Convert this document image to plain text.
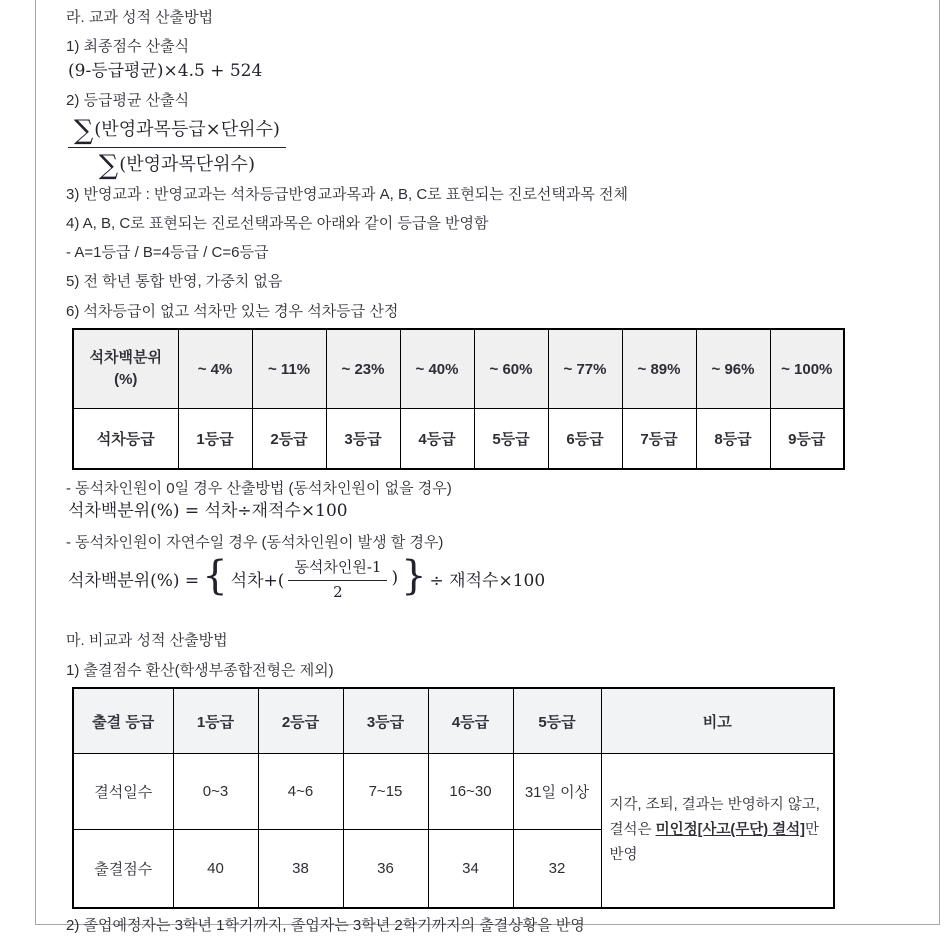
라. 교과 성적 산출방법

1) 최종점수 산출식

(9-등급평균)×4.5 + 524

2) 등급평균 산출식

$\frac{\text{∑(반영과목등급×단위수)}}{\text{∑(반영과목단위수)}}$

3) 반영교과 : 반영교과는 석차등급반영교과목과 A, B, C로 표현되는 진로선택과목 전체

4) A, B, C로 표현되는 진로선택과목은 아래와 같이 등급을 반영함

- A=1등급 / B=4등급 / C=6등급

5) 전 학년 통합 반영, 가중치 없음

6) 석차등급이 없고 석차만 있는 경우 석차등급 산정

석차백분위
(%)	~ 4%	~ 11%	~ 23%	~ 40%	~ 60%	~ 77%	~ 89%	~ 96%	~ 100%
석차등급	1등급	2등급	3등급	4등급	5등급	6등급	7등급	8등급	9등급

- 동석차인원이 0일 경우 산출방법 (동석차인원이 없을 경우)

석차백분위(%) = 석차÷재적수×100

- 동석차인원이 자연수일 경우 (동석차인원이 발생 할 경우)

석차백분위(%) = { 석차+( $\frac{\text{동석차인원-1}}{2}$ ) } ÷ 재적수×100

마. 비교과 성적 산출방법

1) 출결점수 환산(학생부종합전형은 제외)

출결 등급	1등급	2등급	3등급	4등급	5등급	비고
결석일수	0~3	4~6	7~15	16~30	31일 이상	지각, 조퇴, 결과는 반영하지 않고, 결석은 미인정[사고(무단) 결석]만 반영
출결점수	40	38	36	34	32	

2) 졸업예정자는 3학년 1학기까지, 졸업자는 3학년 2학기까지의 출결상황을 반영
